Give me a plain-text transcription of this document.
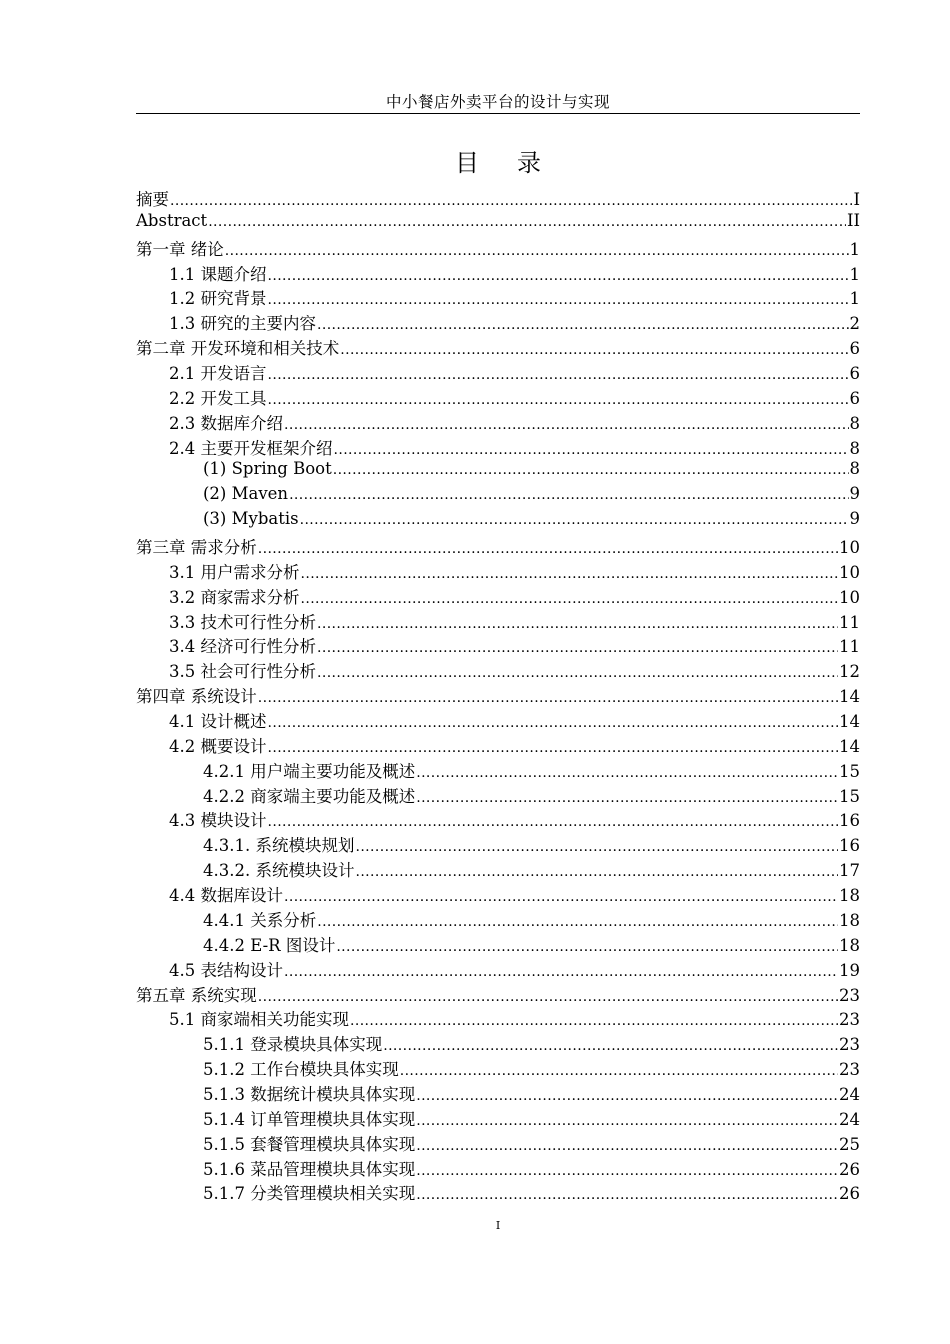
中小餐店外卖平台的设计与实现
目录
摘要 .....	I
Abstract .....	II
第一章 绪论 .....	1
1.1 课题介绍 .....	1
1.2 研究背景 .....	1
1.3 研究的主要内容 .....	2
第二章 开发环境和相关技术 .....	6
2.1 开发语言 .....	6
2.2 开发工具 .....	6
2.3 数据库介绍 .....	8
2.4 主要开发框架介绍 .....	8
(1) Spring Boot .....	8
(2) Maven .....	9
(3) Mybatis .....	9
第三章 需求分析 .....	10
3.1 用户需求分析 .....	10
3.2 商家需求分析 .....	10
3.3 技术可行性分析 .....	11
3.4 经济可行性分析 .....	11
3.5 社会可行性分析 .....	12
第四章 系统设计 .....	14
4.1 设计概述 .....	14
4.2 概要设计 .....	14
4.2.1 用户端主要功能及概述 .....	15
4.2.2 商家端主要功能及概述 .....	15
4.3 模块设计 .....	16
4.3.1. 系统模块规划 .....	16
4.3.2. 系统模块设计 .....	17
4.4 数据库设计 .....	18
4.4.1 关系分析 .....	18
4.4.2 E-R 图设计 .....	18
4.5 表结构设计 .....	19
第五章 系统实现 .....	23
5.1 商家端相关功能实现 .....	23
5.1.1 登录模块具体实现 .....	23
5.1.2 工作台模块具体实现 .....	23
5.1.3 数据统计模块具体实现 .....	24
5.1.4 订单管理模块具体实现 .....	24
5.1.5 套餐管理模块具体实现 .....	25
5.1.6 菜品管理模块具体实现 .....	26
5.1.7 分类管理模块相关实现 .....	26
I
